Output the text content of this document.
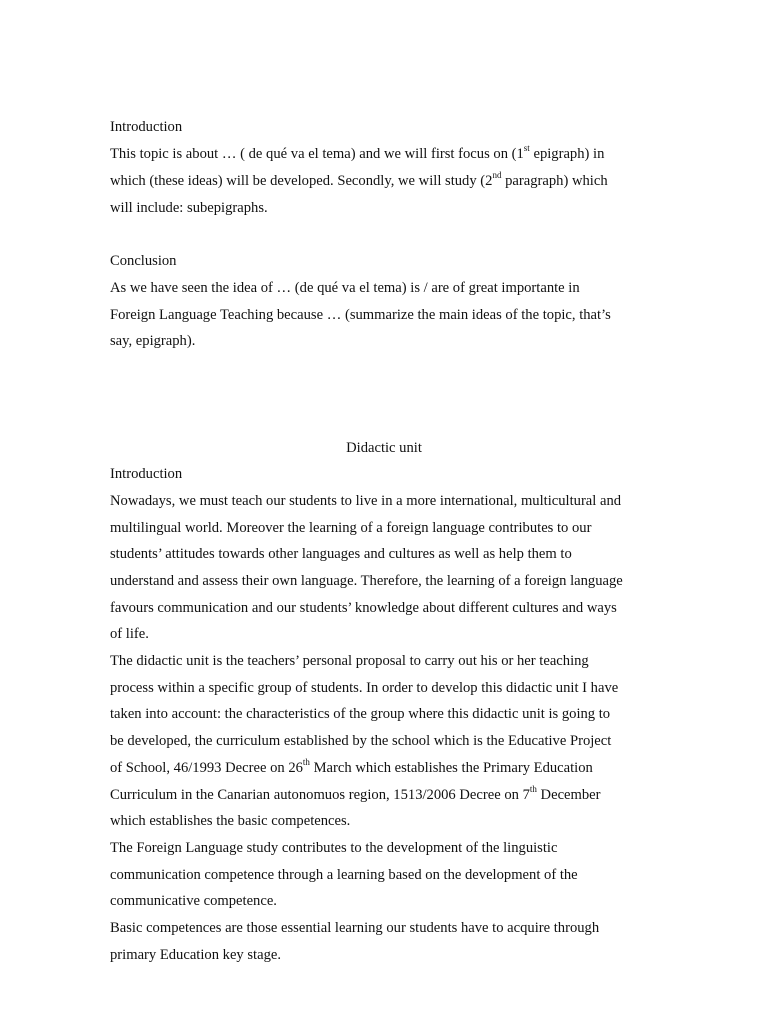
Introduction
This topic is about … ( de qué va el tema) and we will first focus on (1st epigraph) in
which (these ideas) will be developed. Secondly, we will study (2nd paragraph) which
will include: subepigraphs.
Conclusion
As we have seen the idea of … (de qué va el tema) is / are of great importante in
Foreign Language Teaching because … (summarize the main ideas of the topic, that’s
say, epigraph).
Didactic unit
Introduction
Nowadays, we must teach our students to live in a more international, multicultural and
multilingual world. Moreover the learning of a foreign language contributes to our
students’ attitudes towards other languages and cultures as well as help them to
understand and assess their own language. Therefore, the learning of a foreign language
favours communication and our students’ knowledge about different cultures and ways
of life.
The didactic unit is the teachers’ personal proposal to carry out his or her teaching
process within a specific group of students. In order to develop this didactic unit I have
taken into account: the characteristics of the group where this didactic unit is going to
be developed, the curriculum established by the school which is the Educative Project
of School, 46/1993 Decree on 26th March which establishes the Primary Education
Curriculum in the Canarian autonomuos region, 1513/2006 Decree on 7th December
which establishes the basic competences.
The Foreign Language study contributes to the development of the linguistic
communication competence through a learning based on the development of the
communicative competence.
Basic competences are those essential learning our students have to acquire through
primary Education key stage.
